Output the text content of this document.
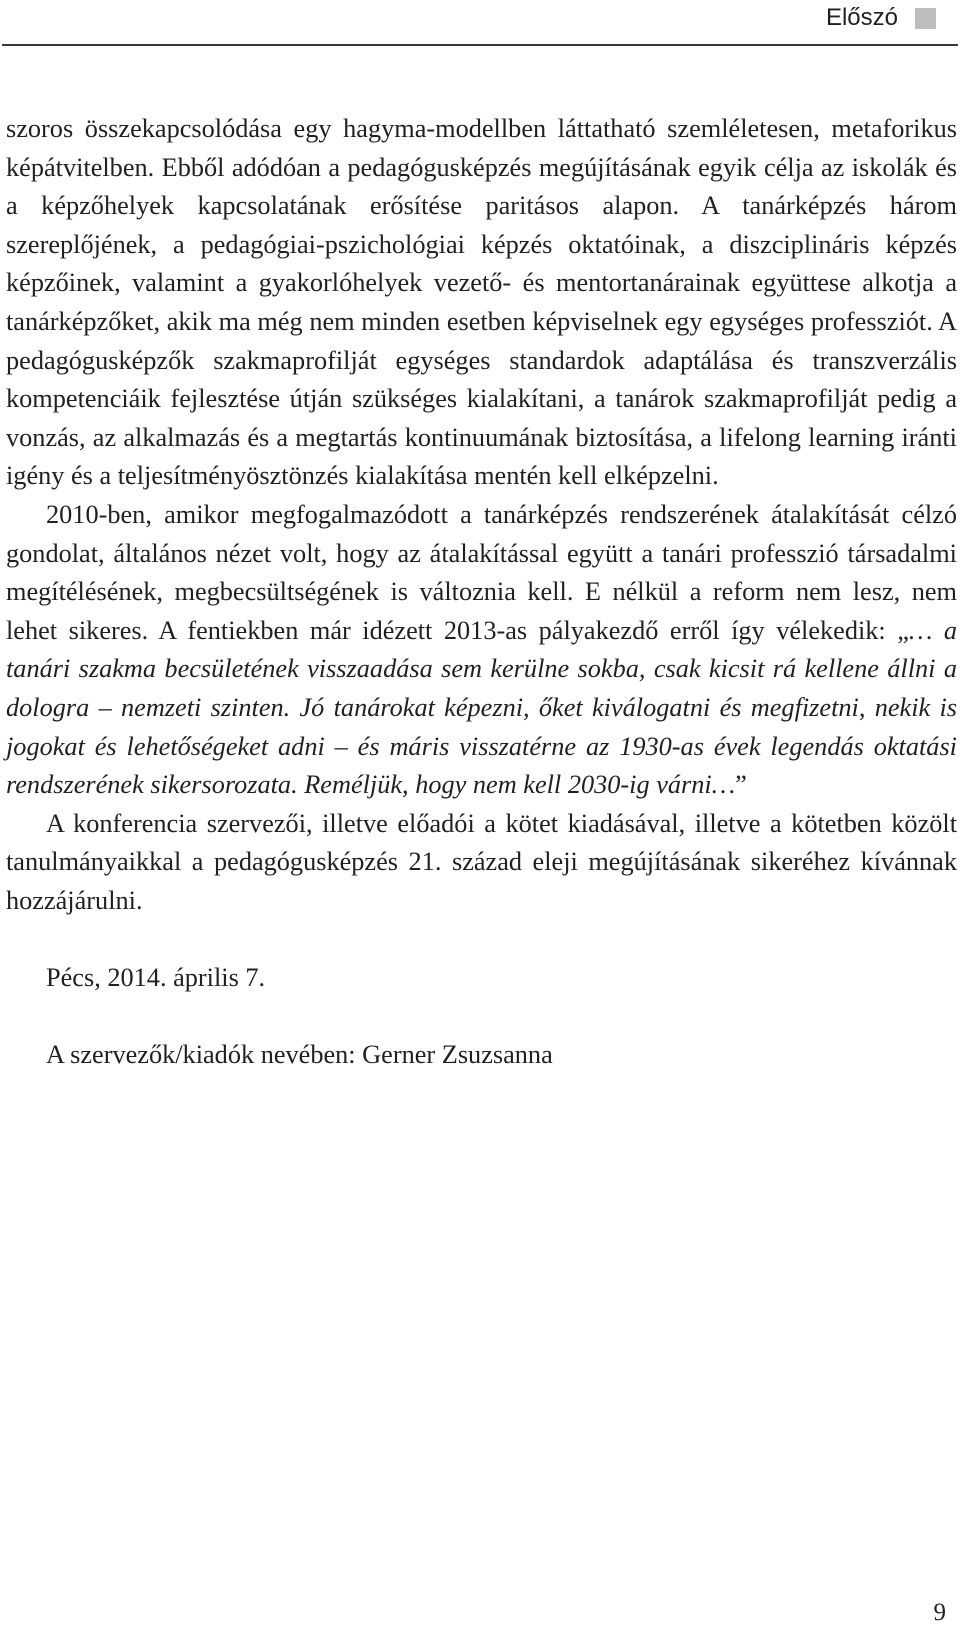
Előszó

szoros összekapcsolódása egy hagyma-modellben láttatható szemléletesen, metaforikus képátvitelben. Ebből adódóan a pedagógusképzés megújításának egyik célja az iskolák és a képzőhelyek kapcsolatának erősítése paritásos alapon. A tanárképzés három szereplőjének, a pedagógiai-pszichológiai képzés oktatóinak, a diszciplináris képzés képzőinek, valamint a gyakorlóhelyek vezető- és mentortanárainak együttese alkotja a tanárképzőket, akik ma még nem minden esetben képviselnek egy egységes professziót. A pedagógusképzők szakmaprofilját egységes standardok adaptálása és transzverzális kompetenciáik fejlesztése útján szükséges kialakítani, a tanárok szakmaprofilját pedig a vonzás, az alkalmazás és a megtartás kontinuumának biztosítása, a lifelong learning iránti igény és a teljesítményösztönzés kialakítása mentén kell elképzelni.

2010-ben, amikor megfogalmazódott a tanárképzés rendszerének átalakítását célzó gondolat, általános nézet volt, hogy az átalakítással együtt a tanári professzió társadalmi megítélésének, megbecsültségének is változnia kell. E nélkül a reform nem lesz, nem lehet sikeres. A fentiekben már idézett 2013-as pályakezdő erről így vélekedik: „… a tanári szakma becsületének visszaadása sem kerülne sokba, csak kicsit rá kellene állni a dologra – nemzeti szinten. Jó tanárokat képezni, őket kiválogatni és megfizetni, nekik is jogokat és lehetőségeket adni – és máris visszatérne az 1930-as évek legendás oktatási rendszerének sikersorozata. Reméljük, hogy nem kell 2030-ig várni…”

A konferencia szervezői, illetve előadói a kötet kiadásával, illetve a kötetben közölt tanulmányaikkal a pedagógusképzés 21. század eleji megújításának sikeréhez kívánnak hozzájárulni.

Pécs, 2014. április 7.

A szervezők/kiadók nevében: Gerner Zsuzsanna

9
